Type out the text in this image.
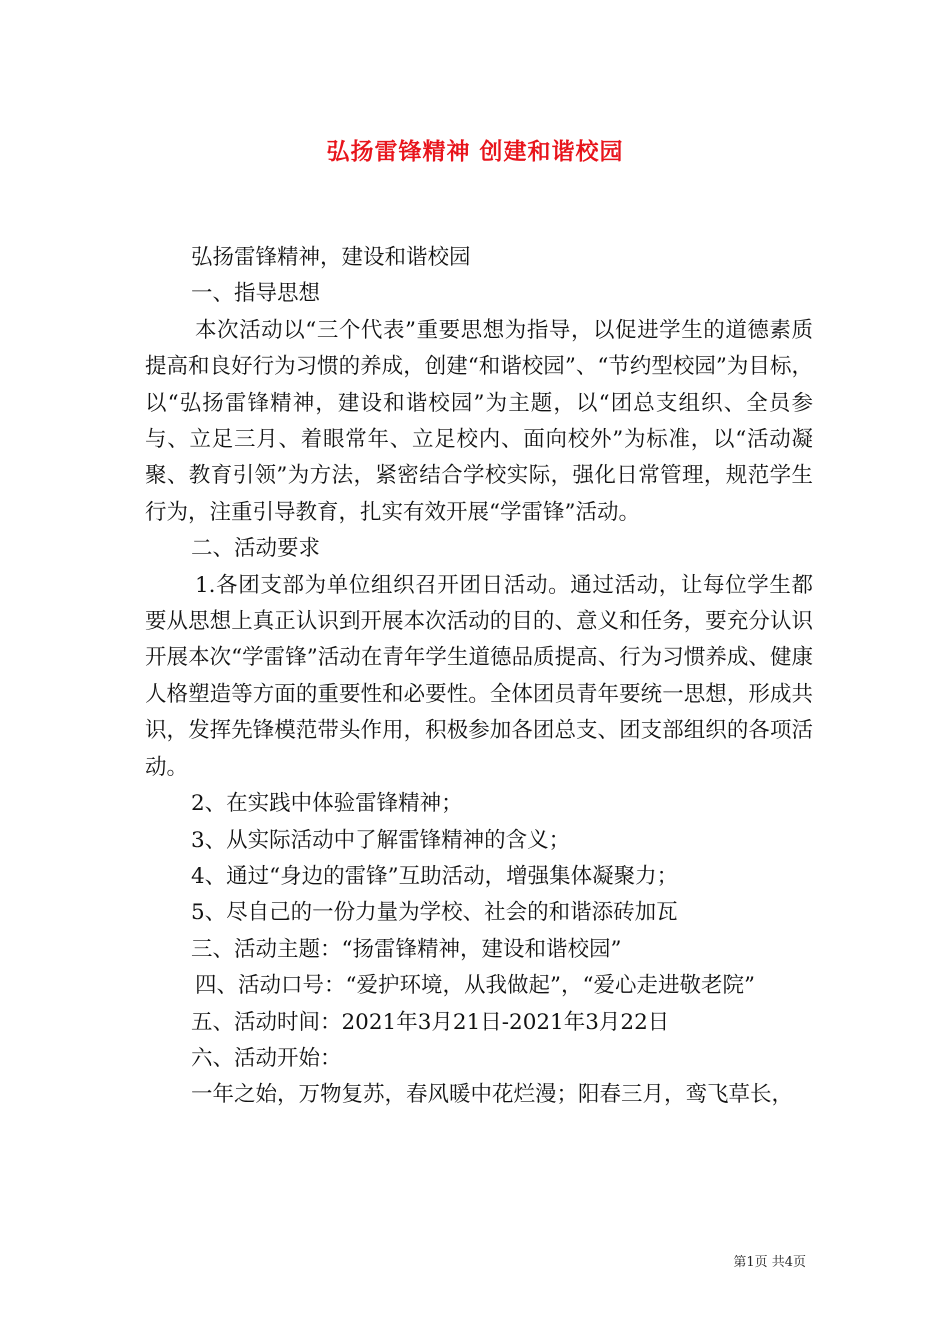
弘扬雷锋精神 创建和谐校园

弘扬雷锋精神，建设和谐校园

一、指导思想

本次活动以“三个代表”重要思想为指导，以促进学生的道德素质提高和良好行为习惯的养成，创建“和谐校园”、“节约型校园”为目标，以“弘扬雷锋精神，建设和谐校园”为主题，以“团总支组织、全员参与、立足三月、着眼常年、立足校内、面向校外”为标准，以“活动凝聚、教育引领”为方法，紧密结合学校实际，强化日常管理，规范学生行为，注重引导教育，扎实有效开展“学雷锋”活动。

二、活动要求

1.各团支部为单位组织召开团日活动。通过活动，让每位学生都要从思想上真正认识到开展本次活动的目的、意义和任务，要充分认识开展本次“学雷锋”活动在青年学生道德品质提高、行为习惯养成、健康人格塑造等方面的重要性和必要性。全体团员青年要统一思想，形成共识，发挥先锋模范带头作用，积极参加各团总支、团支部组织的各项活动。

2、在实践中体验雷锋精神；

3、从实际活动中了解雷锋精神的含义；

4、通过“身边的雷锋”互助活动，增强集体凝聚力；

5、尽自己的一份力量为学校、社会的和谐添砖加瓦

三、活动主题：“扬雷锋精神，建设和谐校园”

四、活动口号：“爱护环境，从我做起”，“爱心走进敬老院”

五、活动时间：2021年3月21日-2021年3月22日

六、活动开始：

一年之始，万物复苏，春风暖中花烂漫；阳春三月，鸾飞草长，

第1页 共4页
